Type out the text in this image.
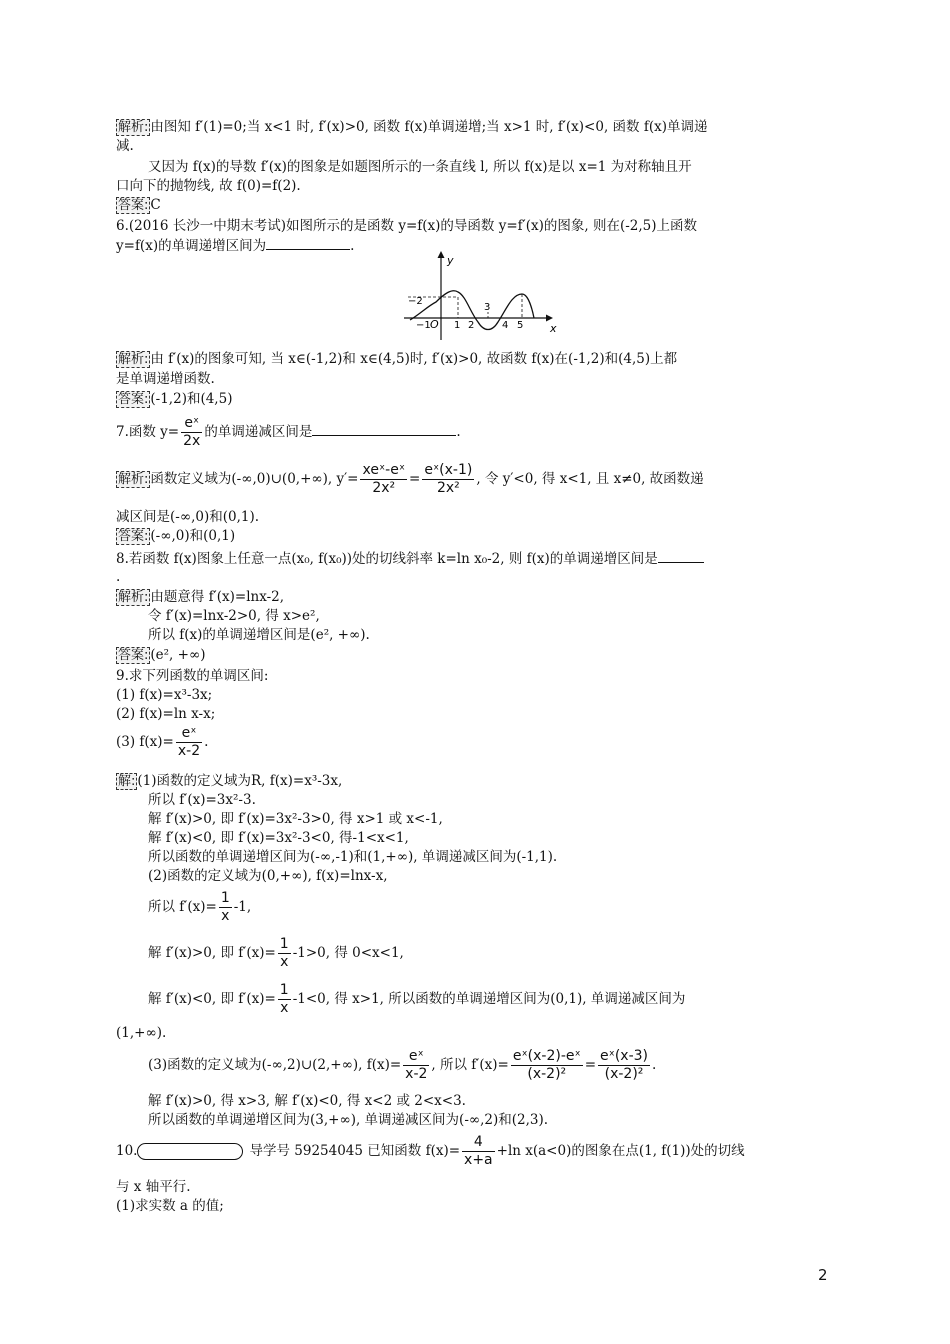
解析: 由图知 f′(1)=0;当 x<1 时, f′(x)>0, 函数 f(x)单调递增;当 x>1 时, f′(x)<0, 函数 f(x)单调递
减.
又因为 f(x)的导数 f′(x)的图象是如题图所示的一条直线 l, 所以 f(x)是以 x=1 为对称轴且开
口向下的抛物线, 故 f(0)=f(2).
答案: C
6.(2016 长沙一中期末考试)如图所示的是函数 y=f(x)的导函数 y=f′(x)的图象, 则在(-2,5)上函数
y=f(x)的单调递增区间为	.
y
x
O
−2
−1 1 2
3
4 5
解析: 由 f′(x)的图象可知, 当 x∈(-1,2)和 x∈(4,5)时, f′(x)>0, 故函数 f(x)在(-1,2)和(4,5)上都
是单调递增函数.
答案: (-1,2)和(4,5)
7.函数 $y= \frac{\text{eˣ}}{2x}$ 的单调递减区间是	.
解析: 函数定义域为(-∞,0)∪(0,+∞), $y'= \frac{\text{xeˣ-eˣ}}{\text{2x²}} = \frac{\text{eˣ(x-1)}}{\text{2x²}}$ , 令 y′<0, 得 x<1, 且 x≠0, 故函数递
减区间是(-∞,0)和(0,1).
答案: (-∞,0)和(0,1)
8.若函数 f(x)图象上任意一点(x₀, f(x₀))处的切线斜率 k=ln x₀-2, 则 f(x)的单调递增区间是
.
解析: 由题意得 f′(x)=lnx-2,
令 f′(x)=lnx-2>0, 得 x>e²,
所以 f(x)的单调递增区间是(e², +∞).
答案: (e², +∞)
9.求下列函数的单调区间:
(1) f(x)=x³-3x;
(2) f(x)=ln x-x;
(3) $f(x)= \frac{\text{eˣ}}{x-2}$ .
解: (1)函数的定义域为R, f(x)=x³-3x,
所以 f′(x)=3x²-3.
解 f′(x)>0, 即 f′(x)=3x²-3>0, 得 x>1 或 x<-1,
解 f′(x)<0, 即 f′(x)=3x²-3<0, 得-1<x<1,
所以函数的单调递增区间为(-∞,-1)和(1,+∞), 单调递减区间为(-1,1).
(2)函数的定义域为(0,+∞), f(x)=lnx-x,
所以 $f'(x)= \frac{1}{x} -1$,
解 f′(x)>0, 即 $f'(x)= \frac{1}{x} -1>0$, 得 0<x<1,
解 f′(x)<0, 即 $f'(x)= \frac{1}{x} -1<0$, 得 x>1, 所以函数的单调递增区间为(0,1), 单调递减区间为
(1,+∞).
(3)函数的定义域为(-∞,2)∪(2,+∞), $f(x)= \frac{\text{eˣ}}{x-2}$ , 所以 $f'(x)= \frac{\text{eˣ(x-2)-eˣ}}{\text{(x-2)²}} = \frac{\text{eˣ(x-3)}}{\text{(x-2)²}}$ .
解 f′(x)>0, 得 x>3, 解 f′(x)<0, 得 x<2 或 2<x<3.
所以函数的单调递增区间为(3,+∞), 单调递减区间为(-∞,2)和(2,3).
10.	导学号 59254045 已知函数 $f(x)= \frac{4}{x+a} +\ln$ x(a<0)的图象在点(1, f(1))处的切线
与 x 轴平行.
(1)求实数 a 的值;
2
